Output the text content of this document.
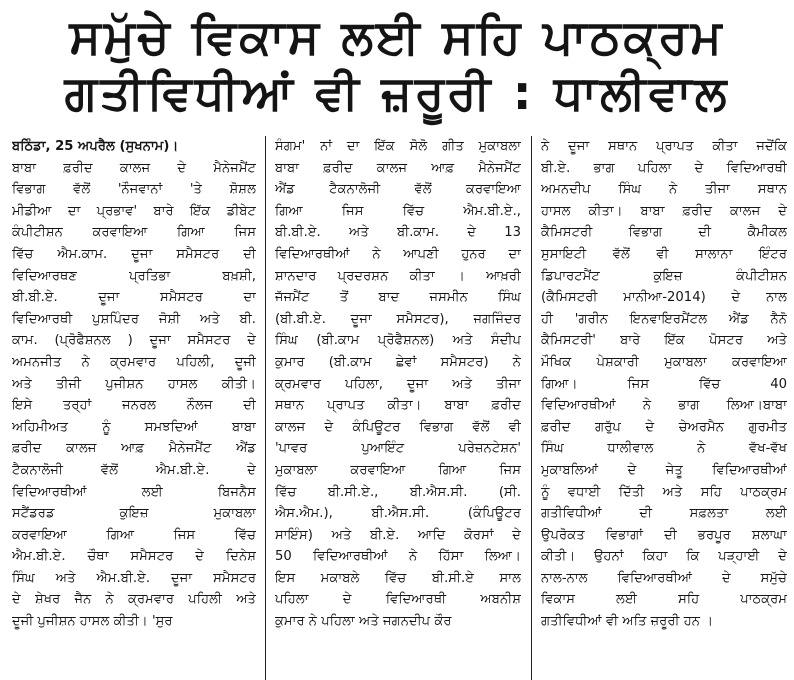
ਸਮੁੱਚੇ ਵਿਕਾਸ ਲਈ ਸਹਿ ਪਾਠਕ੍ਰਮ
ਗਤੀਵਿਧੀਆਂ ਵੀ ਜ਼ਰੂਰੀ : ਧਾਲੀਵਾਲ
ਬਠਿੰਡਾ, 25 ਅਪਰੈਲ (ਸੁਖਨਾਮ)।
ਬਾਬਾ ਫ਼ਰੀਦ ਕਾਲਜ ਦੇ ਮੈਨੇਜਮੈਂਟ
ਵਿਭਾਗ ਵੱਲੋਂ 'ਨੌਜਵਾਨਾਂ 'ਤੇ ਸ਼ੋਸ਼ਲ
ਮੀਡੀਆ ਦਾ ਪ੍ਰਭਾਵ' ਬਾਰੇ ਇੱਕ ਡੀਬੇਟ
ਕੰਪੀਟੀਸ਼ਨ ਕਰਵਾਇਆ ਗਿਆ ਜਿਸ
ਵਿੱਚ ਐਮ.ਕਾਮ. ਦੂਜਾ ਸਮੈਸਟਰ ਦੀ
ਵਿਦਿਆਰਥਣ ਪ੍ਰਤਿਭਾ ਬਖ਼ਸ਼ੀ,
ਬੀ.ਬੀ.ਏ. ਦੂਜਾ ਸਮੈਸਟਰ ਦਾ
ਵਿਦਿਆਰਥੀ ਪੁਸ਼ਪਿੰਦਰ ਜੋਸ਼ੀ ਅਤੇ ਬੀ.
ਕਾਮ. (ਪ੍ਰੋਫੈਸ਼ਨਲ ) ਦੂਜਾ ਸਮੈਸਟਰ ਦੇ
ਅਮਨਜੀਤ ਨੇ ਕ੍ਰਮਵਾਰ ਪਹਿਲੀ, ਦੂਜੀ
ਅਤੇ ਤੀਜੀ ਪੁਜੀਸ਼ਨ ਹਾਸਲ ਕੀਤੀ।
ਇਸੇ ਤਰ੍ਹਾਂ ਜਨਰਲ ਨੌਲਜ ਦੀ
ਅਹਿਮੀਅਤ ਨੂੰ ਸਮਝਦਿਆਂ ਬਾਬਾ
ਫ਼ਰੀਦ ਕਾਲਜ ਆਫ਼ ਮੈਨੇਜਮੈਂਟ ਐਂਡ
ਟੈਕਨਾਲੋਜੀ ਵੱਲੋਂ ਐਮ.ਬੀ.ਏ. ਦੇ
ਵਿਦਿਆਰਥੀਆਂ ਲਈ ਬਿਜਨੈਸ
ਸਟੈਂਡਰਡ ਕੁਇਜ਼ ਮੁਕਾਬਲਾ
ਕਰਵਾਇਆ ਗਿਆ ਜਿਸ ਵਿੱਚ
ਐਮ.ਬੀ.ਏ. ਚੌਥਾ ਸਮੈਸਟਰ ਦੇ ਦਿਨੇਸ਼
ਸਿੰਘ ਅਤੇ ਐਮ.ਬੀ.ਏ. ਦੂਜਾ ਸਮੈਸਟਰ
ਦੇ ਸ਼ੇਖਰ ਜੈਨ ਨੇ ਕ੍ਰਮਵਾਰ ਪਹਿਲੀ ਅਤੇ
ਦੂਜੀ ਪੁਜੀਸ਼ਨ ਹਾਸਲ ਕੀਤੀ। 'ਸੁਰ
ਸੰਗਮ' ਨਾਂ ਦਾ ਇੱਕ ਸੋਲੋ ਗੀਤ ਮੁਕਾਬਲਾ
ਬਾਬਾ ਫ਼ਰੀਦ ਕਾਲਜ ਆਫ਼ ਮੈਨੇਜਮੈਂਟ
ਐਂਡ ਟੈਕਨਾਲੋਜੀ ਵੱਲੋਂ ਕਰਵਾਇਆ
ਗਿਆ ਜਿਸ ਵਿੱਚ ਐਮ.ਬੀ.ਏ.,
ਬੀ.ਬੀ.ਏ. ਅਤੇ ਬੀ.ਕਾਮ. ਦੇ 13
ਵਿਦਿਆਰਥੀਆਂ ਨੇ ਆਪਣੀ ਹੁਨਰ ਦਾ
ਸ਼ਾਨਦਾਰ ਪ੍ਰਦਰਸ਼ਨ ਕੀਤਾ । ਆਖ਼ਰੀ
ਜੱਜਮੈਂਟ ਤੋਂ ਬਾਦ ਜਸਮੀਨ ਸਿੰਘ
(ਬੀ.ਬੀ.ਏ. ਦੂਜਾ ਸਮੈਸਟਰ), ਜਗਜਿੰਦਰ
ਸਿੰਘ (ਬੀ.ਕਾਮ ਪ੍ਰੋਫੈਸ਼ਨਲ) ਅਤੇ ਸੰਦੀਪ
ਕੁਮਾਰ (ਬੀ.ਕਾਮ ਛੇਵਾਂ ਸਮੈਸਟਰ) ਨੇ
ਕ੍ਰਮਵਾਰ ਪਹਿਲਾ, ਦੂਜਾ ਅਤੇ ਤੀਜਾ
ਸਥਾਨ ਪ੍ਰਾਪਤ ਕੀਤਾ। ਬਾਬਾ ਫ਼ਰੀਦ
ਕਾਲਜ ਦੇ ਕੰਪਿਊਟਰ ਵਿਭਾਗ ਵੱਲੋਂ ਵੀ
'ਪਾਵਰ ਪੁਆਇੰਟ ਪਰੇਜ਼ਨਟੇਸ਼ਨ'
ਮੁਕਾਬਲਾ ਕਰਵਾਇਆ ਗਿਆ ਜਿਸ
ਵਿੱਚ ਬੀ.ਸੀ.ਏ., ਬੀ.ਐਸ.ਸੀ. (ਸੀ.
ਐਸ.ਐਮ.), ਬੀ.ਐਸ.ਸੀ. (ਕੰਪਿਊਟਰ
ਸਾਇੰਸ) ਅਤੇ ਬੀ.ਏ. ਆਦਿ ਕੋਰਸਾਂ ਦੇ
50 ਵਿਦਿਆਰਥੀਆਂ ਨੇ ਹਿੱਸਾ ਲਿਆ।
ਇਸ ਮਕਾਬਲੇ ਵਿੱਚ ਬੀ.ਸੀ.ਏ ਸਾਲ
ਪਹਿਲਾ ਦੇ ਵਿਦਿਆਰਥੀ ਅਬਨੀਸ਼
ਕੁਮਾਰ ਨੇ ਪਹਿਲਾ ਅਤੇ ਜਗਨਦੀਪ ਕੌਰ
ਨੇ ਦੂਜਾ ਸਥਾਨ ਪ੍ਰਾਪਤ ਕੀਤਾ ਜਦੋਂਕਿ
ਬੀ.ਏ. ਭਾਗ ਪਹਿਲਾ ਦੇ ਵਿਦਿਆਰਥੀ
ਅਮਨਦੀਪ ਸਿੰਘ ਨੇ ਤੀਜਾ ਸਥਾਨ
ਹਾਸਲ ਕੀਤਾ। ਬਾਬਾ ਫ਼ਰੀਦ ਕਾਲਜ ਦੇ
ਕੈਮਿਸਟਰੀ ਵਿਭਾਗ ਦੀ ਕੈਮੀਕਲ
ਸੁਸਾਇਟੀ ਵੱਲੋਂ ਵੀ ਸਾਲਾਨਾ ਇੰਟਰ
ਡਿਪਾਰਟਮੈਂਟ ਕੁਇਜ਼ ਕੰਪੀਟੀਸ਼ਨ
(ਕੈਮਿਸਟਰੀ ਮਾਨੀਆ-2014) ਦੇ ਨਾਲ
ਹੀ 'ਗਰੀਨ ਇਨਵਾਇਰਮੈਂਟਲ ਐਂਡ ਨੈਨੋ
ਕੈਮਿਸਟਰੀ' ਬਾਰੇ ਇੱਕ ਪੋਸਟਰ ਅਤੇ
ਮੌਖਿਕ ਪੇਸ਼ਕਾਰੀ ਮੁਕਾਬਲਾ ਕਰਵਾਇਆ
ਗਿਆ। ਜਿਸ ਵਿੱਚ 40
ਵਿਦਿਆਰਥੀਆਂ ਨੇ ਭਾਗ ਲਿਆ।ਬਾਬਾ
ਫ਼ਰੀਦ ਗਰੁੱਪ ਦੇ ਚੇਅਰਮੈਨ ਗੁਰਮੀਤ
ਸਿੰਘ ਧਾਲੀਵਾਲ ਨੇ ਵੱਖ-ਵੱਖ
ਮੁਕਾਬਲਿਆਂ ਦੇ ਜੇਤੂ ਵਿਦਿਆਰਥੀਆਂ
ਨੂੰ ਵਧਾਈ ਦਿੱਤੀ ਅਤੇ ਸਹਿ ਪਾਠਕ੍ਰਮ
ਗਤੀਵਿਧੀਆਂ ਦੀ ਸਫ਼ਲਤਾ ਲਈ
ਉਪਰੋਕਤ ਵਿਭਾਗਾਂ ਦੀ ਭਰਪੂਰ ਸ਼ਲਾਘਾ
ਕੀਤੀ। ਉਹਨਾਂ ਕਿਹਾ ਕਿ ਪੜ੍ਹਾਈ ਦੇ
ਨਾਲ-ਨਾਲ ਵਿਦਿਆਰਥੀਆਂ ਦੇ ਸਮੁੱਚੇ
ਵਿਕਾਸ ਲਈ ਸਹਿ ਪਾਠਕ੍ਰਮ
ਗਤੀਵਿਧੀਆਂ ਵੀ ਅਤਿ ਜ਼ਰੂਰੀ ਹਨ ।
